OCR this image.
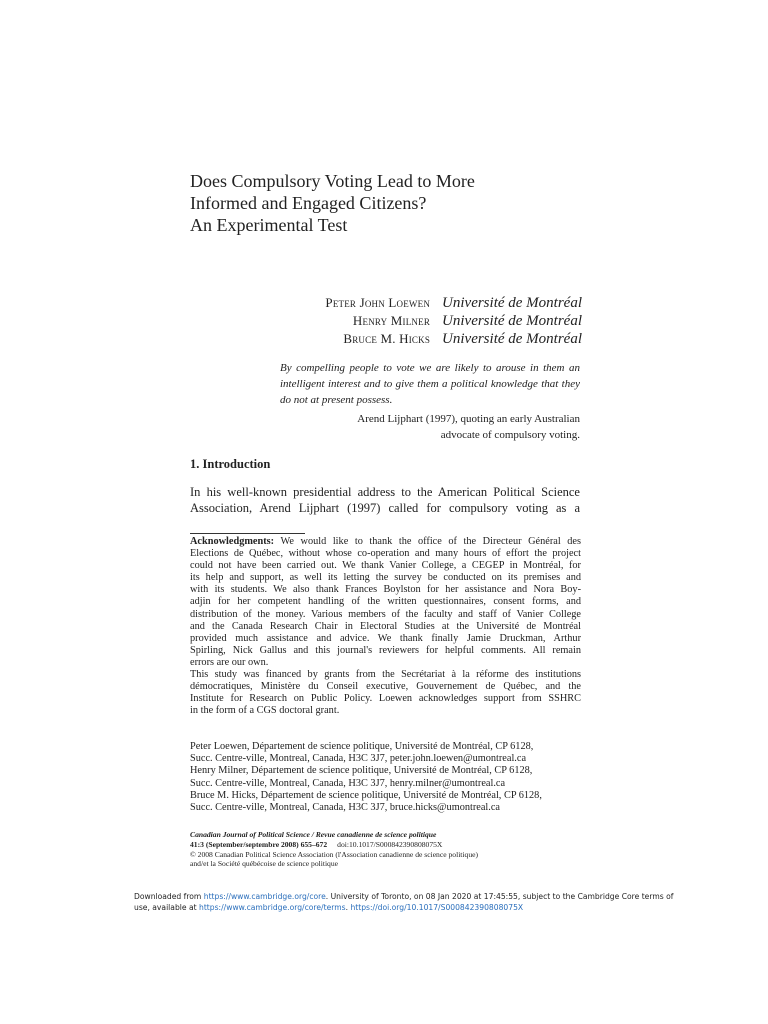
Does Compulsory Voting Lead to More
Informed and Engaged Citizens?
An Experimental Test
Peter John Loewen Université de Montréal
Henry Milner Université de Montréal
Bruce M. Hicks Université de Montréal
By compelling people to vote we are likely to arouse in them an intelligent interest and to give them a political knowledge that they do not at present possess.
Arend Lijphart (1997), quoting an early Australian
advocate of compulsory voting.
1. Introduction
In his well-known presidential address to the American Political Science
Association, Arend Lijphart (1997) called for compulsory voting as a
Acknowledgments: We would like to thank the office of the Directeur Général des
Elections de Québec, without whose co-operation and many hours of effort the project
could not have been carried out. We thank Vanier College, a CEGEP in Montréal, for
its help and support, as well its letting the survey be conducted on its premises and
with its students. We also thank Frances Boylston for her assistance and Nora Boy-
adjin for her competent handling of the written questionnaires, consent forms, and
distribution of the money. Various members of the faculty and staff of Vanier College
and the Canada Research Chair in Electoral Studies at the Université de Montréal
provided much assistance and advice. We thank finally Jamie Druckman, Arthur
Spirling, Nick Gallus and this journal's reviewers for helpful comments. All remain
errors are our own.
This study was financed by grants from the Secrétariat à la réforme des institutions
démocratiques, Ministère du Conseil executive, Gouvernement de Québec, and the
Institute for Research on Public Policy. Loewen acknowledges support from SSHRC
in the form of a CGS doctoral grant.
Peter Loewen, Département de science politique, Université de Montréal, CP 6128,
Succ. Centre-ville, Montreal, Canada, H3C 3J7, peter.john.loewen@umontreal.ca
Henry Milner, Département de science politique, Université de Montréal, CP 6128,
Succ. Centre-ville, Montreal, Canada, H3C 3J7, henry.milner@umontreal.ca
Bruce M. Hicks, Département de science politique, Université de Montréal, CP 6128,
Succ. Centre-ville, Montreal, Canada, H3C 3J7, bruce.hicks@umontreal.ca
Canadian Journal of Political Science / Revue canadienne de science politique
41:3 (September/septembre 2008) 655–672 doi:10.1017/S000842390808075X
© 2008 Canadian Political Science Association (l'Association canadienne de science politique)
and/et la Société québécoise de science politique
Downloaded from https://www.cambridge.org/core. University of Toronto, on 08 Jan 2020 at 17:45:55, subject to the Cambridge Core terms of
use, available at https://www.cambridge.org/core/terms. https://doi.org/10.1017/S000842390808075X
